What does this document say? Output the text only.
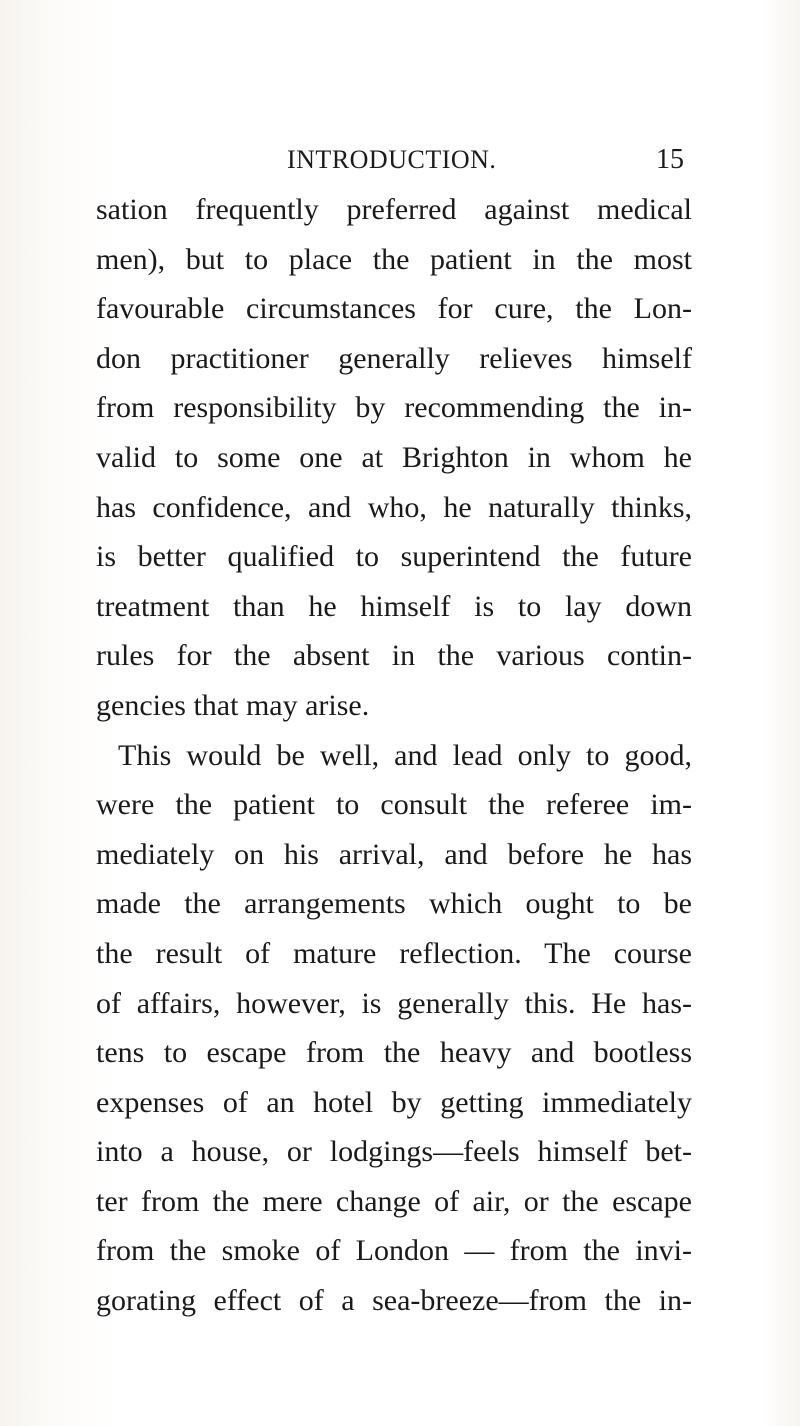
INTRODUCTION.	15
sation frequently preferred against medical
men), but to place the patient in the most
favourable circumstances for cure, the Lon-
don practitioner generally relieves himself
from responsibility by recommending the in-
valid to some one at Brighton in whom he
has confidence, and who, he naturally thinks,
is better qualified to superintend the future
treatment than he himself is to lay down
rules for the absent in the various contin-
gencies that may arise.
This would be well, and lead only to good,
were the patient to consult the referee im-
mediately on his arrival, and before he has
made the arrangements which ought to be
the result of mature reflection. The course
of affairs, however, is generally this. He has-
tens to escape from the heavy and bootless
expenses of an hotel by getting immediately
into a house, or lodgings—feels himself bet-
ter from the mere change of air, or the escape
from the smoke of London — from the invi-
gorating effect of a sea-breeze—from the in-
